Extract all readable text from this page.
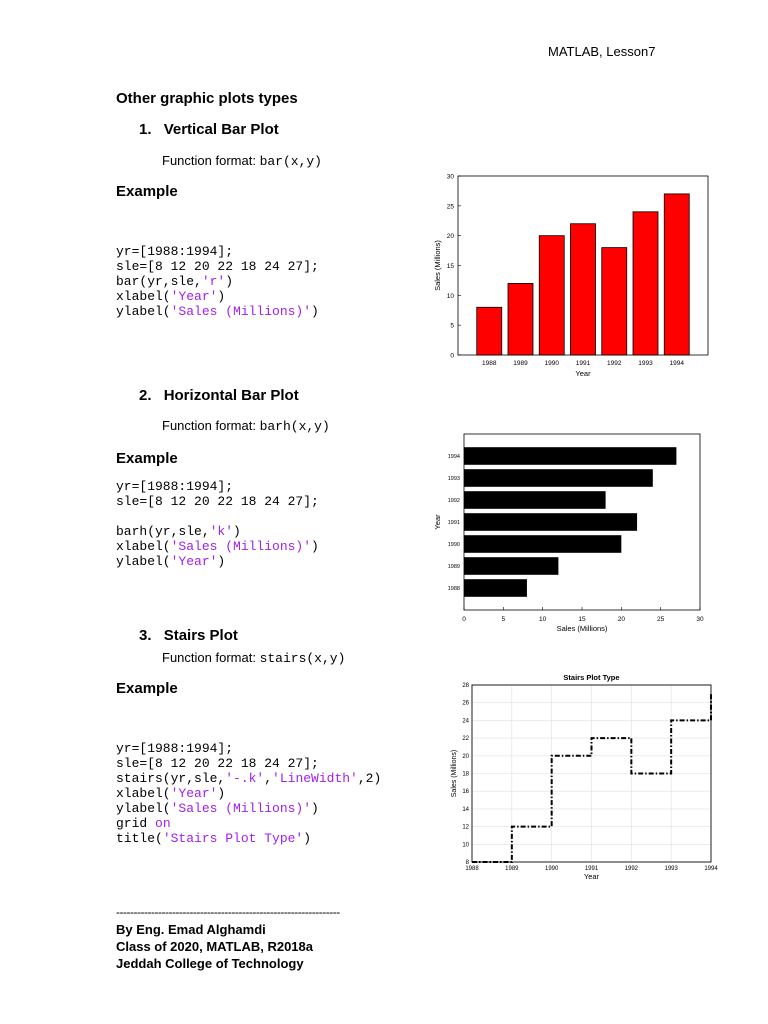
MATLAB, Lesson7
Other graphic plots types
1. Vertical Bar Plot
Function format: bar(x,y)
Example
yr=[1988:1994];
sle=[8 12 20 22 18 24 27];
bar(yr,sle,'r')
xlabel('Year')
ylabel('Sales (Millions)')
1988	1989	1990	1991	1992	1993	1994
0
5
10
15
20
25
30
Year
Sales (Millions)
2. Horizontal Bar Plot
Function format: barh(x,y)
Example
yr=[1988:1994];
sle=[8 12 20 22 18 24 27];
barh(yr,sle,'k')
xlabel('Sales (Millions)')
ylabel('Year')
1988
1989
1990
1991
1992
1993
1994
0	5	10	15	20	25	30
Sales (Millions)
Year
3. Stairs Plot
Function format: stairs(x,y)
Example
yr=[1988:1994];
sle=[8 12 20 22 18 24 27];
stairs(yr,sle,'-.k','LineWidth',2)
xlabel('Year')
ylabel('Sales (Millions)')
grid on
title('Stairs Plot Type')
1988	1989	1990	1991	1992	1993	1994
8
10
12
14
16
18
20
22
24
26
28
Stairs Plot Type
Year
Sales (Millions)
----------------------------------------------------------------
By Eng. Emad Alghamdi
Class of 2020, MATLAB, R2018a
Jeddah College of Technology
